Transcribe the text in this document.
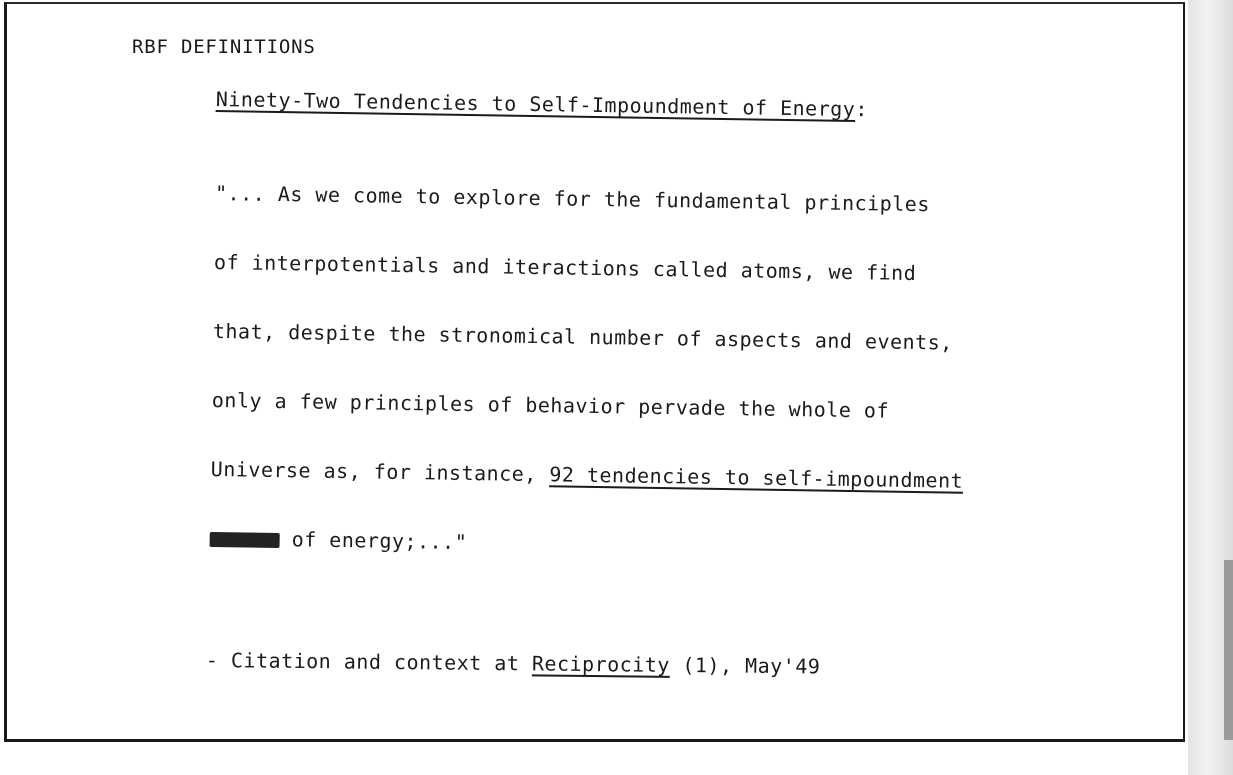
RBF DEFINITIONS
Ninety-Two Tendencies to Self-Impoundment of Energy:

"... As we come to explore for the fundamental principles

of interpotentials and iteractions called atoms, we find

that, despite the stronomical number of aspects and events,

only a few principles of behavior pervade the whole of

Universe as, for instance, 92 tendencies to self-impoundment

of energy;..."

- Citation and context at Reciprocity (1), May'49
